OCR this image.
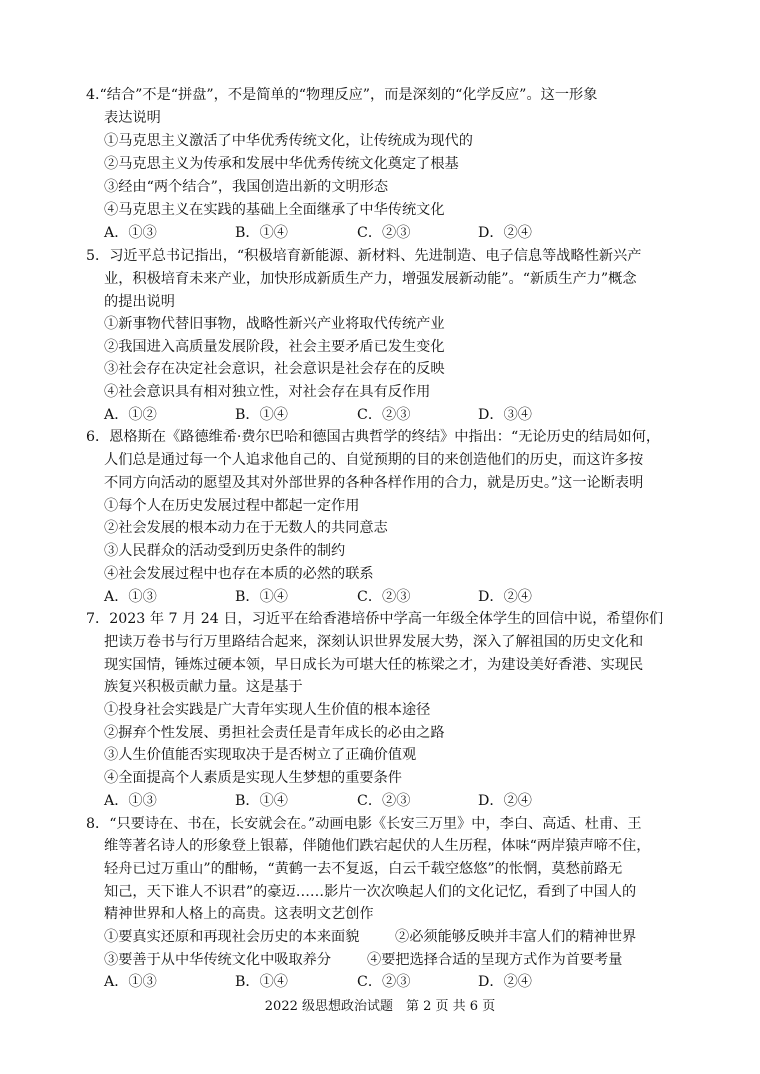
4.“结合”不是“拼盘”，不是简单的“物理反应”，而是深刻的“化学反应”。这一形象
表达说明
①马克思主义激活了中华优秀传统文化，让传统成为现代的
②马克思主义为传承和发展中华优秀传统文化奠定了根基
③经由“两个结合”，我国创造出新的文明形态
④马克思主义在实践的基础上全面继承了中华传统文化
A．①③	B．①④	C．②③	D．②④
5．习近平总书记指出，“积极培育新能源、新材料、先进制造、电子信息等战略性新兴产
业，积极培育未来产业，加快形成新质生产力，增强发展新动能”。“新质生产力”概念
的提出说明
①新事物代替旧事物，战略性新兴产业将取代传统产业
②我国进入高质量发展阶段，社会主要矛盾已发生变化
③社会存在决定社会意识，社会意识是社会存在的反映
④社会意识具有相对独立性，对社会存在具有反作用
A．①②	B．①④	C．②③	D．③④
6．恩格斯在《路德维希·费尔巴哈和德国古典哲学的终结》中指出：“无论历史的结局如何，
人们总是通过每一个人追求他自己的、自觉预期的目的来创造他们的历史，而这许多按
不同方向活动的愿望及其对外部世界的各种各样作用的合力，就是历史。”这一论断表明
①每个人在历史发展过程中都起一定作用
②社会发展的根本动力在于无数人的共同意志
③人民群众的活动受到历史条件的制约
④社会发展过程中也存在本质的必然的联系
A．①③	B．①④	C．②③	D．②④
7．2023 年 7 月 24 日，习近平在给香港培侨中学高一年级全体学生的回信中说，希望你们
把读万卷书与行万里路结合起来，深刻认识世界发展大势，深入了解祖国的历史文化和
现实国情，锤炼过硬本领，早日成长为可堪大任的栋梁之才，为建设美好香港、实现民
族复兴积极贡献力量。这是基于
①投身社会实践是广大青年实现人生价值的根本途径
②摒弃个性发展、勇担社会责任是青年成长的必由之路
③人生价值能否实现取决于是否树立了正确价值观
④全面提高个人素质是实现人生梦想的重要条件
A．①③	B．①④	C．②③	D．②④
8．“只要诗在、书在，长安就会在。”动画电影《长安三万里》中，李白、高适、杜甫、王
维等著名诗人的形象登上银幕，伴随他们跌宕起伏的人生历程，体味“两岸猿声啼不住，
轻舟已过万重山”的酣畅，“黄鹤一去不复返，白云千载空悠悠”的怅惘，莫愁前路无
知己，天下谁人不识君”的豪迈……影片一次次唤起人们的文化记忆，看到了中国人的
精神世界和人格上的高贵。这表明文艺创作
①要真实还原和再现社会历史的本来面貌	②必须能够反映并丰富人们的精神世界
③要善于从中华传统文化中吸取养分	④要把选择合适的呈现方式作为首要考量
A．①③	B．①④	C．②③	D．②④
2022 级思想政治试题　第 2 页 共 6 页
